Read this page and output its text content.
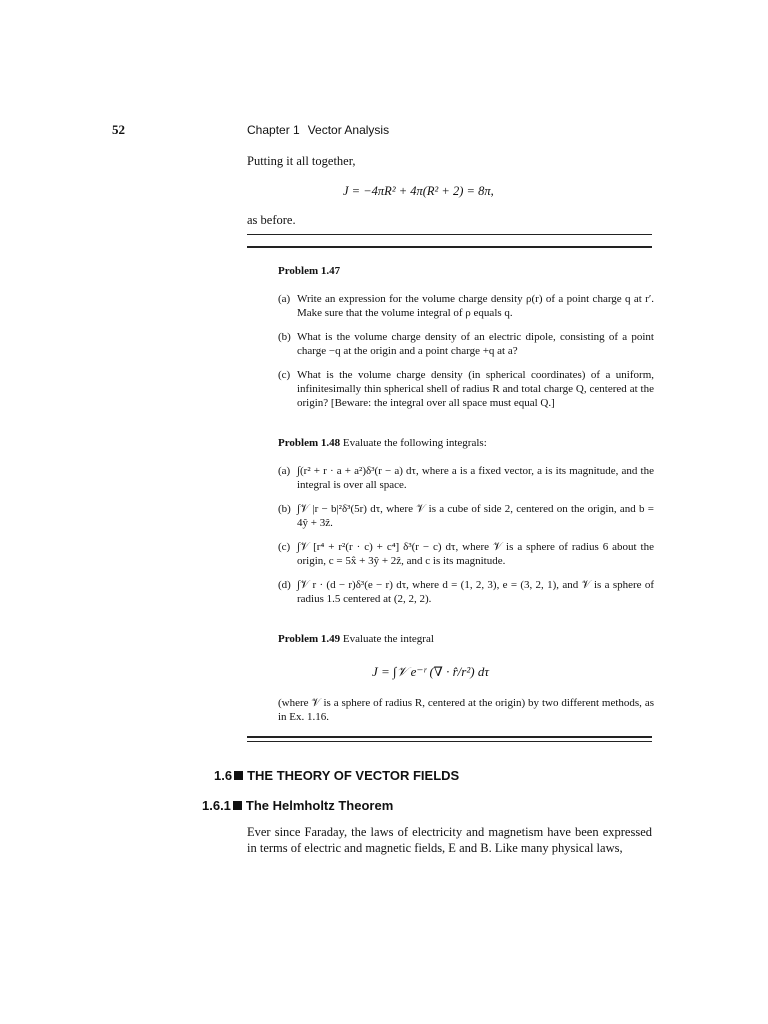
52	Chapter 1 Vector Analysis
Putting it all together,
J = −4πR² + 4π(R² + 2) = 8π,
as before.
Problem 1.47
(a) Write an expression for the volume charge density ρ(r) of a point charge q at r′. Make sure that the volume integral of ρ equals q.
(b) What is the volume charge density of an electric dipole, consisting of a point charge −q at the origin and a point charge +q at a?
(c) What is the volume charge density (in spherical coordinates) of a uniform, infinitesimally thin spherical shell of radius R and total charge Q, centered at the origin? [Beware: the integral over all space must equal Q.]
Problem 1.48 Evaluate the following integrals:
(a) ∫(r² + r · a + a²)δ³(r − a) dτ, where a is a fixed vector, a is its magnitude, and the integral is over all space.
(b) ∫𝒱 |r − b|²δ³(5r) dτ, where 𝒱 is a cube of side 2, centered on the origin, and b = 4ŷ + 3ẑ.
(c) ∫𝒱 [r⁴ + r²(r · c) + c⁴] δ³(r − c) dτ, where 𝒱 is a sphere of radius 6 about the origin, c = 5x̂ + 3ŷ + 2ẑ, and c is its magnitude.
(d) ∫𝒱 r · (d − r)δ³(e − r) dτ, where d = (1, 2, 3), e = (3, 2, 1), and 𝒱 is a sphere of radius 1.5 centered at (2, 2, 2).
Problem 1.49 Evaluate the integral
J = ∫𝒱 e⁻ʳ (∇ · r̂/r²) dτ
(where 𝒱 is a sphere of radius R, centered at the origin) by two different methods, as in Ex. 1.16.
1.6 THE THEORY OF VECTOR FIELDS
1.6.1 The Helmholtz Theorem
Ever since Faraday, the laws of electricity and magnetism have been expressed in terms of electric and magnetic fields, E and B. Like many physical laws,
